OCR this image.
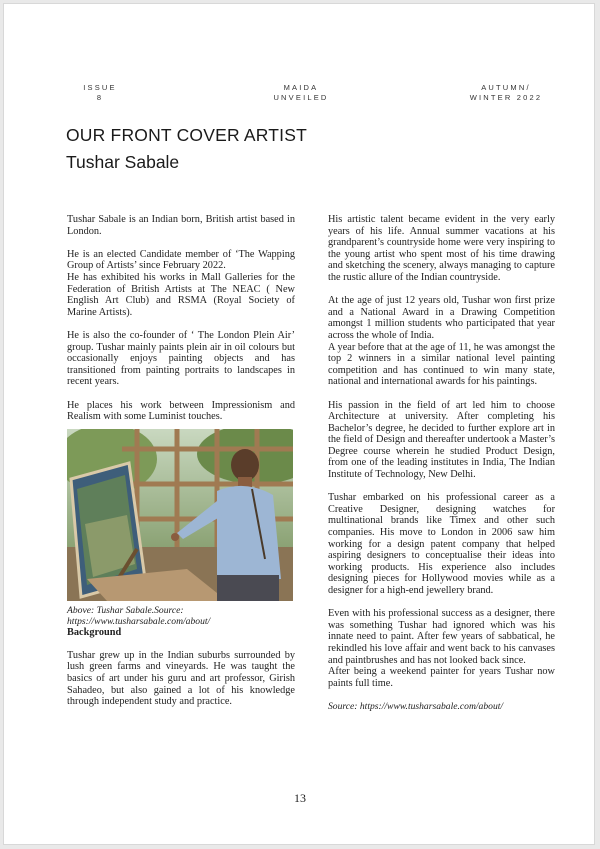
ISSUE
8
MAIDA
UNVEILED
AUTUMN/
WINTER 2022
OUR FRONT COVER ARTIST
Tushar Sabale

Tushar Sabale is an Indian born, British artist based in London.

He is an elected Candidate member of ‘The Wapping Group of Artists’ since February 2022.

He has exhibited his works in Mall Galleries for the Federation of British Artists at The NEAC ( New English Art Club) and RSMA (Royal Society of Marine Artists).

He is also the co-founder of ‘ The London Plein Air’ group. Tushar mainly paints plein air in oil colours but occasionally enjoys painting objects and has transitioned from painting portraits to landscapes in recent years.

He places his work between Impressionism and Realism with some Luminist touches.

Above: Tushar Sabale.Source:
https://www.tusharsabale.com/about/

Background

Tushar grew up in the Indian suburbs surrounded by lush green farms and vineyards. He was taught the basics of art under his guru and art professor, Girish Sahadeo, but also gained a lot of his knowledge through independent study and practice.

His artistic talent became evident in the very early years of his life. Annual summer vacations at his grandparent’s countryside home were very inspiring to the young artist who spent most of his time drawing and sketching the scenery, always managing to capture the rustic allure of the Indian countryside.

At the age of just 12 years old, Tushar won first prize and a National Award in a Drawing Competition amongst 1 million students who participated that year across the whole of India.

A year before that at the age of 11, he was amongst the top 2 winners in a similar national level painting competition and has continued to win many state, national and international awards for his paintings.

His passion in the field of art led him to choose Architecture at university. After completing his Bachelor’s degree, he decided to further explore art in the field of Design and thereafter undertook a Master’s Degree course wherein he studied Product Design, from one of the leading institutes in India, The Indian Institute of Technology, New Delhi.

Tushar embarked on his professional career as a Creative Designer, designing watches for multinational brands like Timex and other such companies. His move to London in 2006 saw him working for a design patent company that helped aspiring designers to conceptualise their ideas into working products. His experience also includes designing pieces for Hollywood movies while as a designer for a high-end jewellery brand.

Even with his professional success as a designer, there was something Tushar had ignored which was his innate need to paint. After few years of sabbatical, he rekindled his love affair and went back to his canvases and paintbrushes and has not looked back since.

After being a weekend painter for years Tushar now paints full time.

Source: https://www.tusharsabale.com/about/

13
